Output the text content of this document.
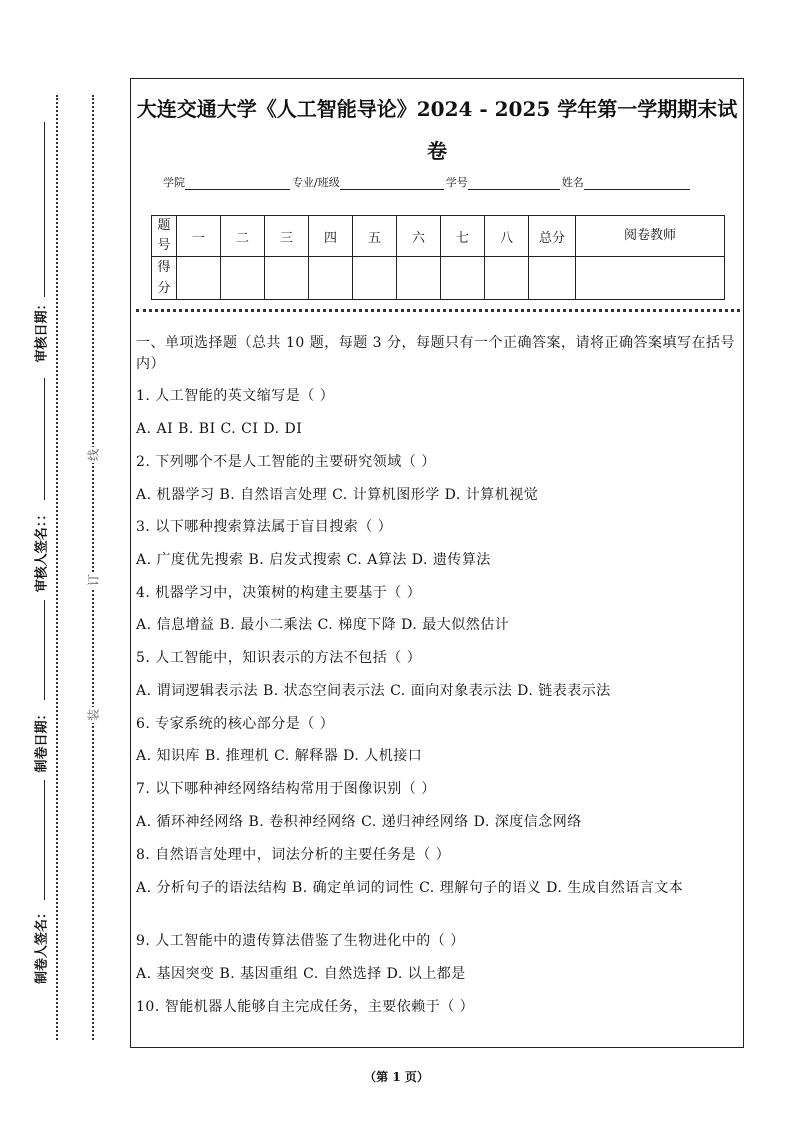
审核日期：
审核人签名：：
制卷日期：
制卷人签名：
线
订
装
大连交通大学《人工智能导论》2024 - 2025 学年第一学期期末试
卷
学院	专业/班级	学号	姓名
题号	一	二	三	四	五	六	七	八	总分	阅卷教师
得分										
一、单项选择题（总共 10 题，每题 3 分，每题只有一个正确答案，请将正确答案填写在括号内）
1. 人工智能的英文缩写是（ ）
A. AI B. BI C. CI D. DI
2. 下列哪个不是人工智能的主要研究领域（ ）
A. 机器学习 B. 自然语言处理 C. 计算机图形学 D. 计算机视觉
3. 以下哪种搜索算法属于盲目搜索（ ）
A. 广度优先搜索 B. 启发式搜索 C. A算法 D. 遗传算法
4. 机器学习中，决策树的构建主要基于（ ）
A. 信息增益 B. 最小二乘法 C. 梯度下降 D. 最大似然估计
5. 人工智能中，知识表示的方法不包括（ ）
A. 谓词逻辑表示法 B. 状态空间表示法 C. 面向对象表示法 D. 链表表示法
6. 专家系统的核心部分是（ ）
A. 知识库 B. 推理机 C. 解释器 D. 人机接口
7. 以下哪种神经网络结构常用于图像识别（ ）
A. 循环神经网络 B. 卷积神经网络 C. 递归神经网络 D. 深度信念网络
8. 自然语言处理中，词法分析的主要任务是（ ）
A. 分析句子的语法结构 B. 确定单词的词性 C. 理解句子的语义 D. 生成自然语言文本
9. 人工智能中的遗传算法借鉴了生物进化中的（ ）
A. 基因突变 B. 基因重组 C. 自然选择 D. 以上都是
10. 智能机器人能够自主完成任务，主要依赖于（ ）
（第 1 页）
